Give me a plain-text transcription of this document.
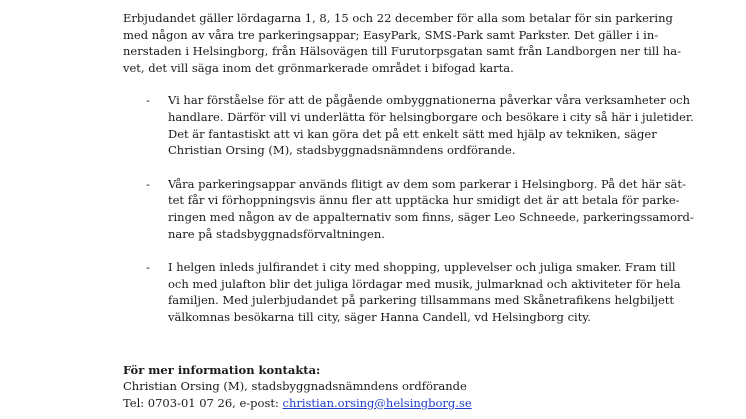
Erbjudandet gäller lördagarna 1, 8, 15 och 22 december för alla som betalar för sin parkering
med någon av våra tre parkeringsappar; EasyPark, SMS-Park samt Parkster. Det gäller i in-
nerstaden i Helsingborg, från Hälsovägen till Furutorpsgatan samt från Landborgen ner till ha-
vet, det vill säga inom det grönmarkerade området i bifogad karta.

- Vi har förståelse för att de pågående ombyggnationerna påverkar våra verksamheter och
handlare. Därför vill vi underlätta för helsingborgare och besökare i city så här i juletider.
Det är fantastiskt att vi kan göra det på ett enkelt sätt med hjälp av tekniken, säger
Christian Orsing (M), stadsbyggnadsnämndens ordförande.
- Våra parkeringsappar används flitigt av dem som parkerar i Helsingborg. På det här sät-
tet får vi förhoppningsvis ännu fler att upptäcka hur smidigt det är att betala för parke-
ringen med någon av de appalternativ som finns, säger Leo Schneede, parkeringssamord-
nare på stadsbyggnadsförvaltningen.
- I helgen inleds julfirandet i city med shopping, upplevelser och juliga smaker. Fram till
och med julafton blir det juliga lördagar med musik, julmarknad och aktiviteter för hela
familjen. Med julerbjudandet på parkering tillsammans med Skånetrafikens helgbiljett
välkomnas besökarna till city, säger Hanna Candell, vd Helsingborg city.
För mer information kontakta:
Christian Orsing (M), stadsbyggnadsnämndens ordförande
Tel: 0703-01 07 26, e-post: christian.orsing@helsingborg.se
